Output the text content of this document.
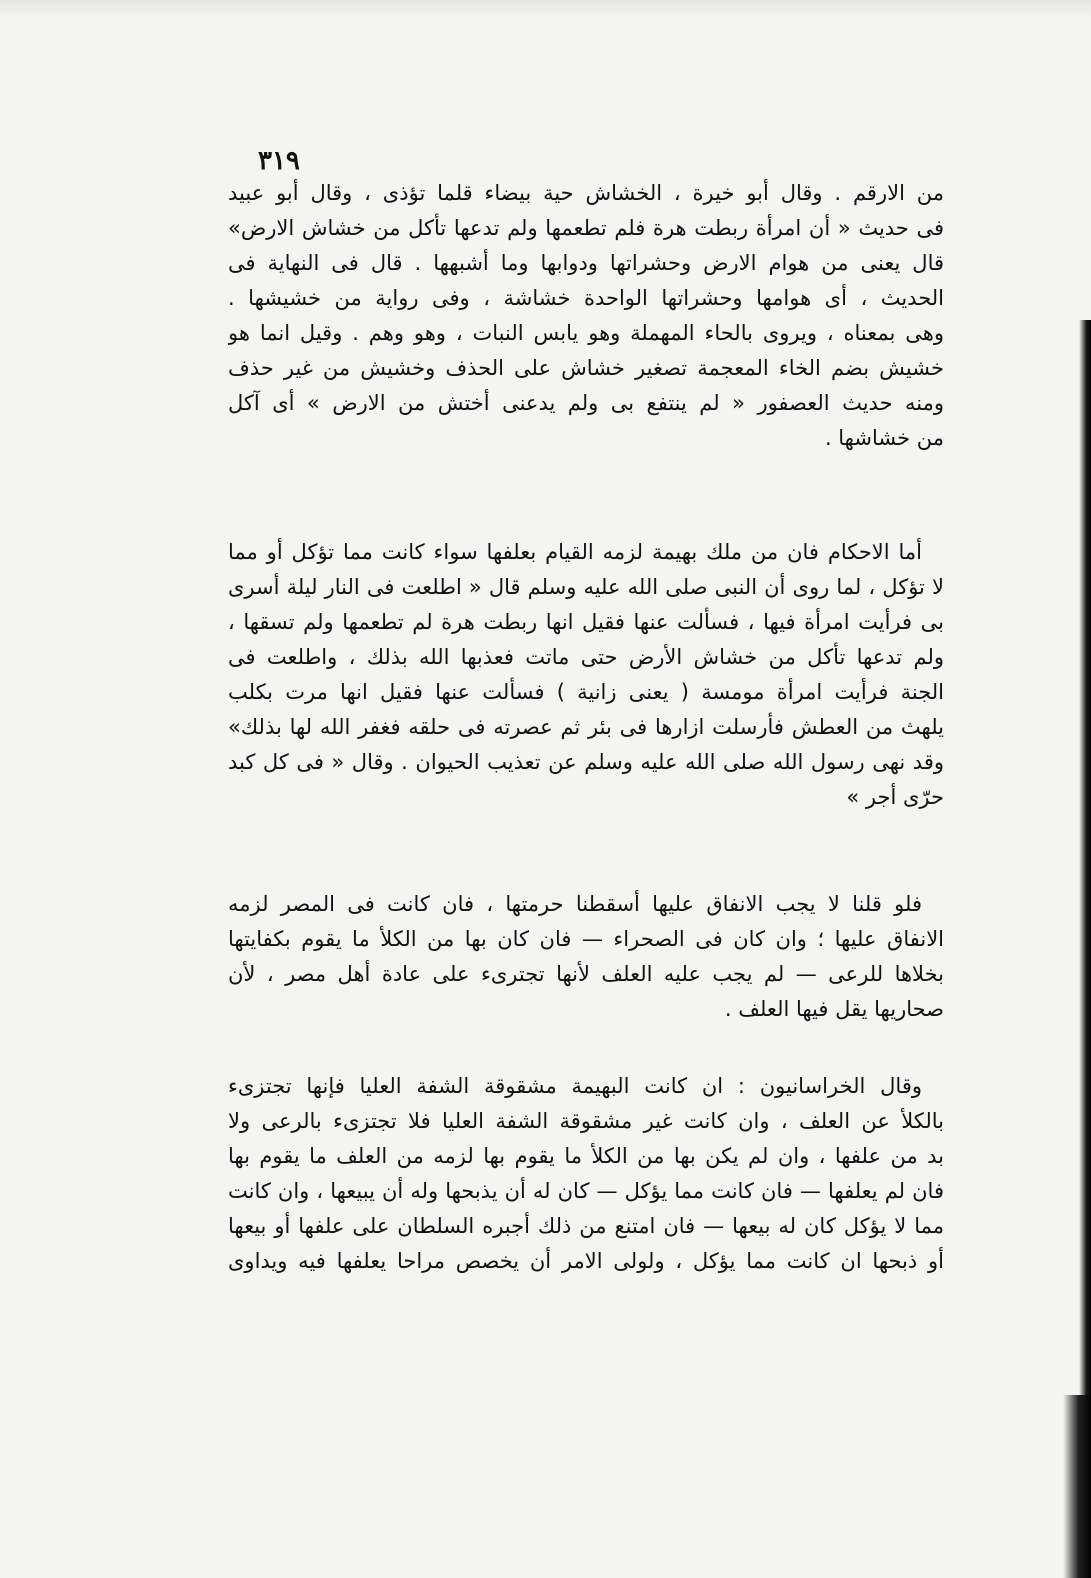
٣١٩
من الارقم . وقال أبو خيرة ، الخشاش حية بيضاء قلما تؤذى ، وقال أبو عبيد
فى حديث « أن امرأة ربطت هرة فلم تطعمها ولم تدعها تأكل من خشاش الارض»
قال يعنى من هوام الارض وحشراتها ودوابها وما أشبهها . قال فى النهاية فى
الحديث ، أى هوامها وحشراتها الواحدة خشاشة ، وفى رواية من خشيشها .
وهى بمعناه ، ويروى بالحاء المهملة وهو يابس النبات ، وهو وهم . وقيل انما هو
خشيش بضم الخاء المعجمة تصغير خشاش على الحذف وخشيش من غير حذف
ومنه حديث العصفور « لم ينتفع بى ولم يدعنى أختش من الارض » أى آكل
من خشاشها .
أما الاحكام فان من ملك بهيمة لزمه القيام بعلفها سواء كانت مما تؤكل أو مما
لا تؤكل ، لما روى أن النبى صلى الله عليه وسلم قال « اطلعت فى النار ليلة أسرى
بى فرأيت امرأة فيها ، فسألت عنها فقيل انها ربطت هرة لم تطعمها ولم تسقها ،
ولم تدعها تأكل من خشاش الأرض حتى ماتت فعذبها الله بذلك ، واطلعت فى
الجنة فرأيت امرأة مومسة ( يعنى زانية ) فسألت عنها فقيل انها مرت بكلب
يلهث من العطش فأرسلت ازارها فى بئر ثم عصرته فى حلقه فغفر الله لها بذلك»
وقد نهى رسول الله صلى الله عليه وسلم عن تعذيب الحيوان . وقال « فى كل كبد
حرّى أجر »
فلو قلنا لا يجب الانفاق عليها أسقطنا حرمتها ، فان كانت فى المصر لزمه
الانفاق عليها ؛ وان كان فى الصحراء — فان كان بها من الكلأ ما يقوم بكفايتها
بخلاها للرعى — لم يجب عليه العلف لأنها تجترىء على عادة أهل مصر ، لأن
صحاريها يقل فيها العلف .
وقال الخراسانيون : ان كانت البهيمة مشقوقة الشفة العليا فإنها تجتزىء
بالكلأ عن العلف ، وان كانت غير مشقوقة الشفة العليا فلا تجتزىء بالرعى ولا
بد من علفها ، وان لم يكن بها من الكلأ ما يقوم بها لزمه من العلف ما يقوم بها
فان لم يعلفها — فان كانت مما يؤكل — كان له أن يذبحها وله أن يبيعها ، وان كانت
مما لا يؤكل كان له بيعها — فان امتنع من ذلك أجبره السلطان على علفها أو بيعها
أو ذبحها ان كانت مما يؤكل ، ولولى الامر أن يخصص مراحا يعلفها فيه ويداوى
